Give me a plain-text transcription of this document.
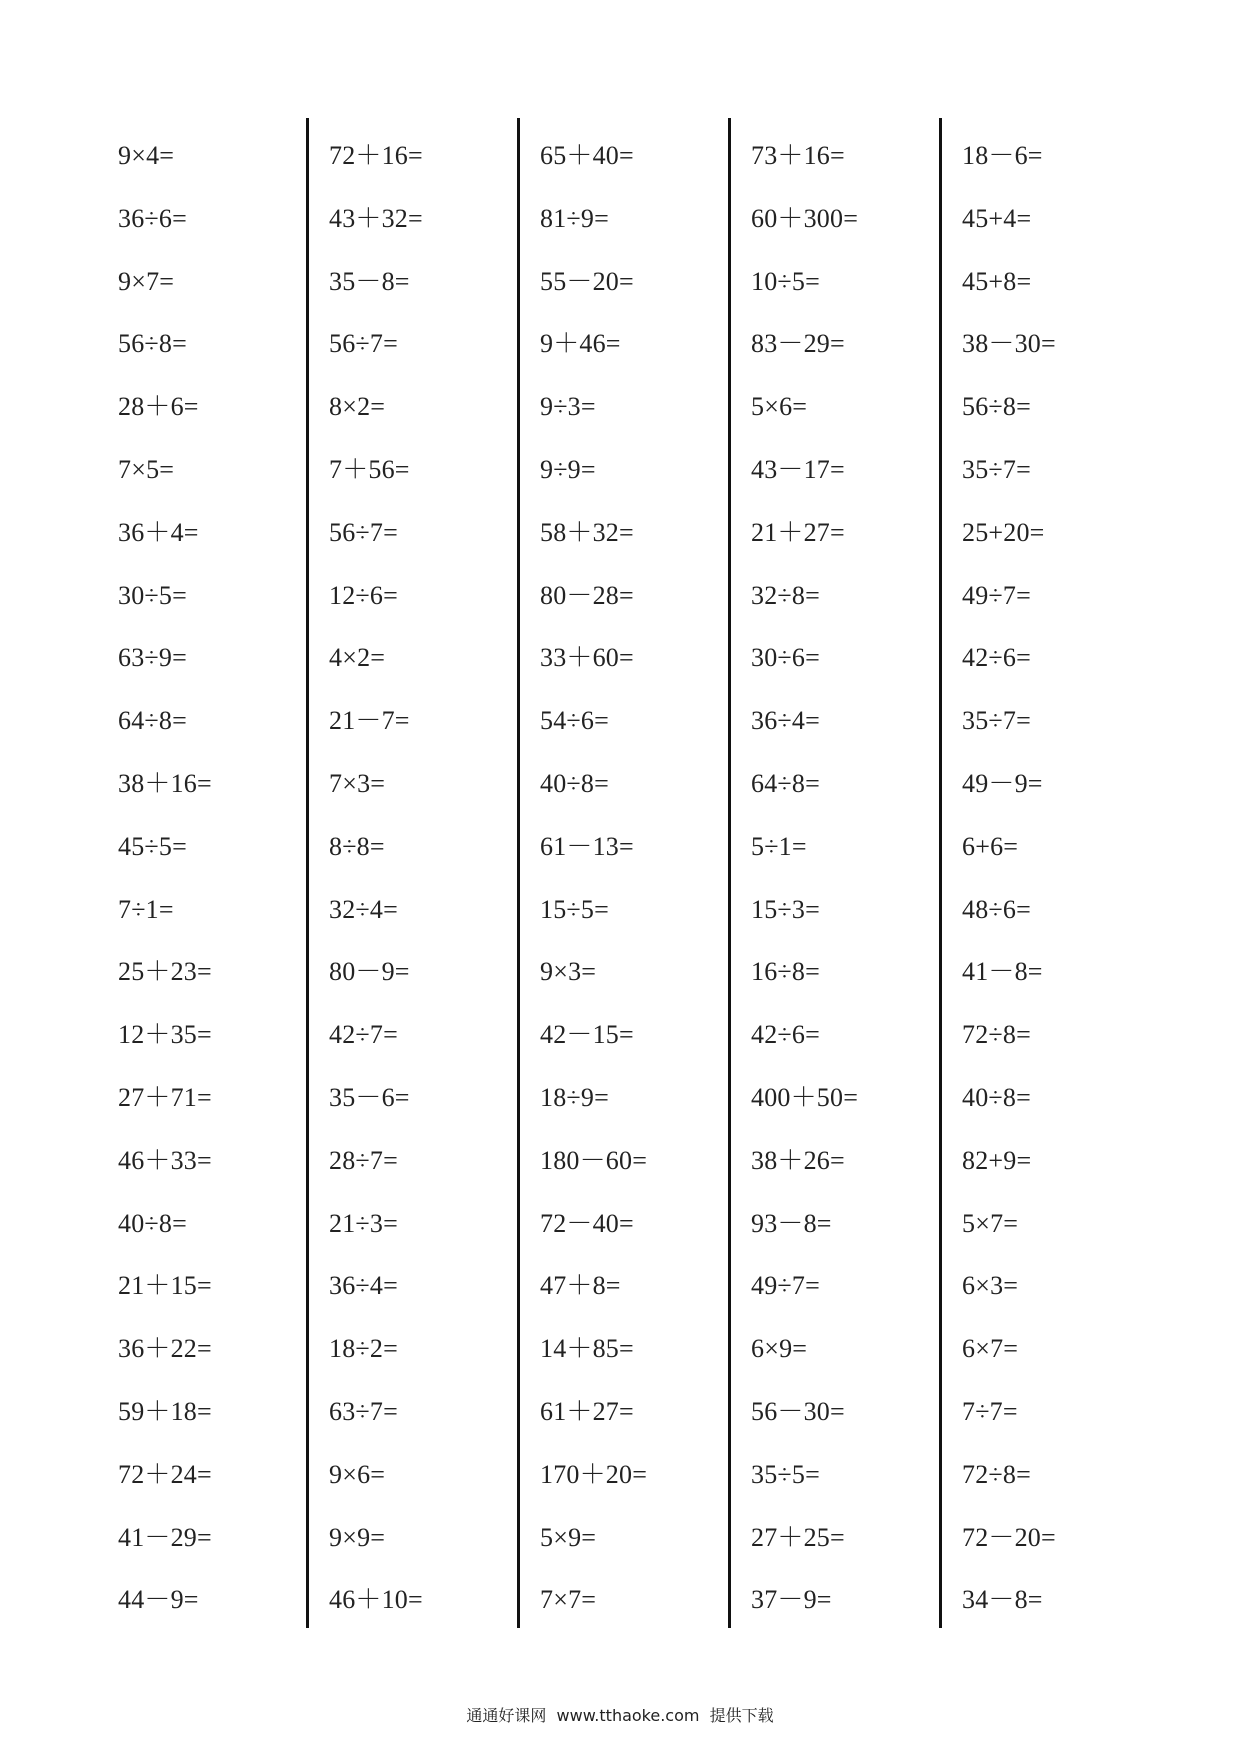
9×4=
36÷6=
9×7=
56÷8=
28＋6=
7×5=
36＋4=
30÷5=
63÷9=
64÷8=
38＋16=
45÷5=
7÷1=
25＋23=
12＋35=
27＋71=
46＋33=
40÷8=
21＋15=
36＋22=
59＋18=
72＋24=
41－29=
44－9=
72＋16=
43＋32=
35－8=
56÷7=
8×2=
7＋56=
56÷7=
12÷6=
4×2=
21－7=
7×3=
8÷8=
32÷4=
80－9=
42÷7=
35－6=
28÷7=
21÷3=
36÷4=
18÷2=
63÷7=
9×6=
9×9=
46＋10=
65＋40=
81÷9=
55－20=
9＋46=
9÷3=
9÷9=
58＋32=
80－28=
33＋60=
54÷6=
40÷8=
61－13=
15÷5=
9×3=
42－15=
18÷9=
180－60=
72－40=
47＋8=
14＋85=
61＋27=
170＋20=
5×9=
7×7=
73＋16=
60＋300=
10÷5=
83－29=
5×6=
43－17=
21＋27=
32÷8=
30÷6=
36÷4=
64÷8=
5÷1=
15÷3=
16÷8=
42÷6=
400＋50=
38＋26=
93－8=
49÷7=
6×9=
56－30=
35÷5=
27＋25=
37－9=
18－6=
45+4=
45+8=
38－30=
56÷8=
35÷7=
25+20=
49÷7=
42÷6=
35÷7=
49－9=
6+6=
48÷6=
41－8=
72÷8=
40÷8=
82+9=
5×7=
6×3=
6×7=
7÷7=
72÷8=
72－20=
34－8=
通通好课网  www.tthaoke.com  提供下载
